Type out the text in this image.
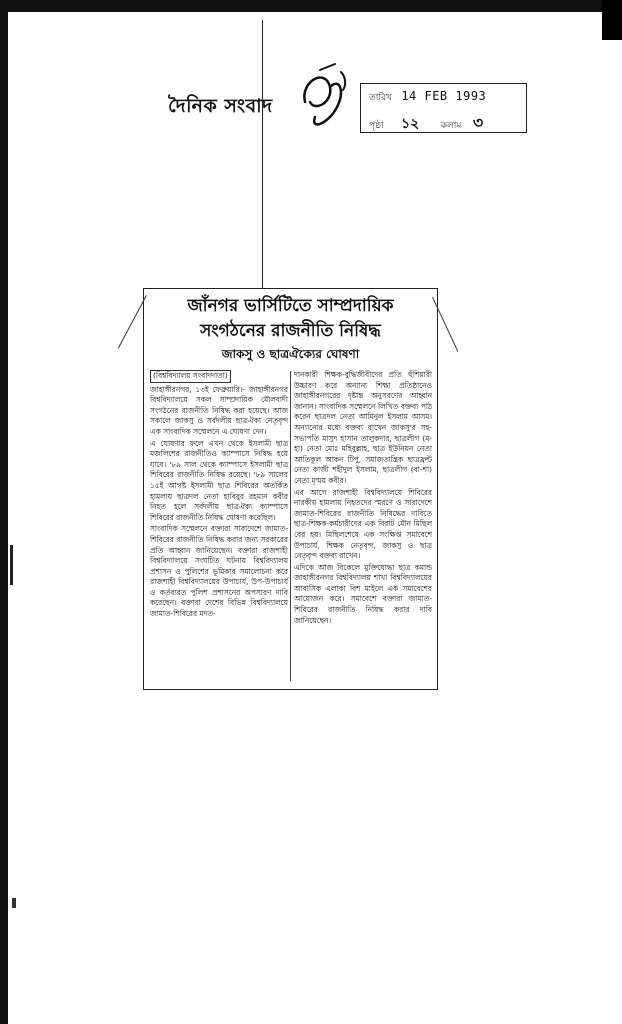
দৈনিক সংবাদ	তারিখ 14 FEB 1993
পৃষ্ঠা ১২ কলাম ৩
জাঁনগর ভার্সিটিতে সাম্প্রদায়িক
সংগঠনের রাজনীতি নিষিদ্ধ
জাকসু ও ছাত্রঐক্যের ঘোষণা
(বিশ্ববিদ্যালয় সংবাদদাতা)

জাহাঙ্গীরনগর, ১৩ই ফেব্রুয়ারি।- জাহাঙ্গীরনগর বিশ্ববিদ্যালয়ে সকল সাম্প্রদায়িক মৌলবাদী সংগঠনের রাজনীতি নিষিদ্ধ করা হয়েছে। আজ সকালে জাকসু ও সর্বদলীয় ছাত্রঐক্য নেতৃবৃন্দ এক সাংবাদিক সম্মেলনে এ ঘোষণা দেন।

এ ঘোষণার ফলে এখন থেকে ইসলামী ছাত্র মজলিশের রাজনীতিও ক্যাম্পাসে নিষিদ্ধ হয়ে যাবে। '৮৯ সাল থেকে ক্যাম্পাসে ইসলামী ছাত্র শিবিরের রাজনীতি নিষিদ্ধ রয়েছে। '৮৯ সালের ১৫ই আগষ্ট ইসলামী ছাত্র শিবিরের অতর্কিত হামলায় ছাত্রদল নেতা হাবিবুর রহমান কবীর নিহত হলে সর্বদলীয় ছাত্রঐক্য ক্যাম্পাসে শিবিরের রাজনীতি নিষিদ্ধ ঘোষণা করেছিল।

সাংবাদিক সম্মেলনে বক্তারা সারাদেশে জামাত-শিবিরের রাজনীতি নিষিদ্ধ করার জন্য সরকারের প্রতি আহ্বান জানিয়েছেন। বক্তারা রাজশাহী বিশ্ববিদ্যালয়ে সংঘটিত ঘটনায় বিশ্ববিদ্যালয় প্রশাসন ও পুলিশের ভূমিকার সমালোচনা করে রাজশাহী বিশ্ববিদ্যালয়ের উপাচার্য, উপ-উপাচার্য ও কর্তব্যরত পুলিশ প্রশাসনের অপসারণ দাবি করেছেন। বক্তারা দেশের বিভিন্ন বিশ্ববিদ্যালয়ে জামাত-শিবিরের মদত-

দানকারী শিক্ষক-বুদ্ধিজীবীদের প্রতি হুঁশিয়ারী উচ্চারণ করে অন্যান্য শিক্ষা প্রতিষ্ঠানেও জাহাঙ্গীরনগরের দৃষ্টান্ত অনুসরণের আহ্বান জানান। সাংবাদিক সম্মেলনে লিখিত বক্তব্য পাঠ করেন ছাত্রদল নেতা আমিনুল ইসলাম আসম। অন্যান্যের মধ্যে বক্তব্য রাখেন জাকসু'র সহ-সভাপতি মাসুদ হাসান তালুকদার, ছাত্রলীগ (ম-হা) নেতা মোঃ মহিবুল্লাহ, ছাত্র ইউনিয়ন নেতা আতিকুল আকন টিপু, সমাজতান্ত্রিক ছাত্রফ্রন্ট নেতা কাজী শহীদুল ইসলাম, ছাত্রলীগ (বা-শা) নেতা মৃণ্ময় কবীর।

এর আগে রাজশাহী বিশ্ববিদ্যালয়ে শিবিরের নারকীয় হামলায় নিহতদের স্মরণে ও সারাদেশে জামাত-শিবিরের রাজনীতি নিষিদ্ধের দাবিতে ছাত্র-শিক্ষক-কর্মচারীদের এক বিরাট মৌন মিছিল বের হয়। মিছিলশেষে এক সংক্ষিপ্ত সমাবেশে উপাচার্য, শিক্ষক নেতৃবৃন্দ, জাকসু ও ছাত্র নেতৃবৃন্দ বক্তব্য রাখেন।

এদিকে আজ বিকেলে মুক্তিযোদ্ধা ছাত্র কমান্ড জাহাঙ্গীরনগর বিশ্ববিদ্যালয় শাখা বিশ্ববিদ্যালয়ের আবাসিক এলাকা বিশ মাইলে এক সমাবেশের আয়োজন করে। সমাবেশে বক্তারা জামাত-শিবিরের রাজনীতি নিষিদ্ধ করার দাবি জানিয়েছেন।
